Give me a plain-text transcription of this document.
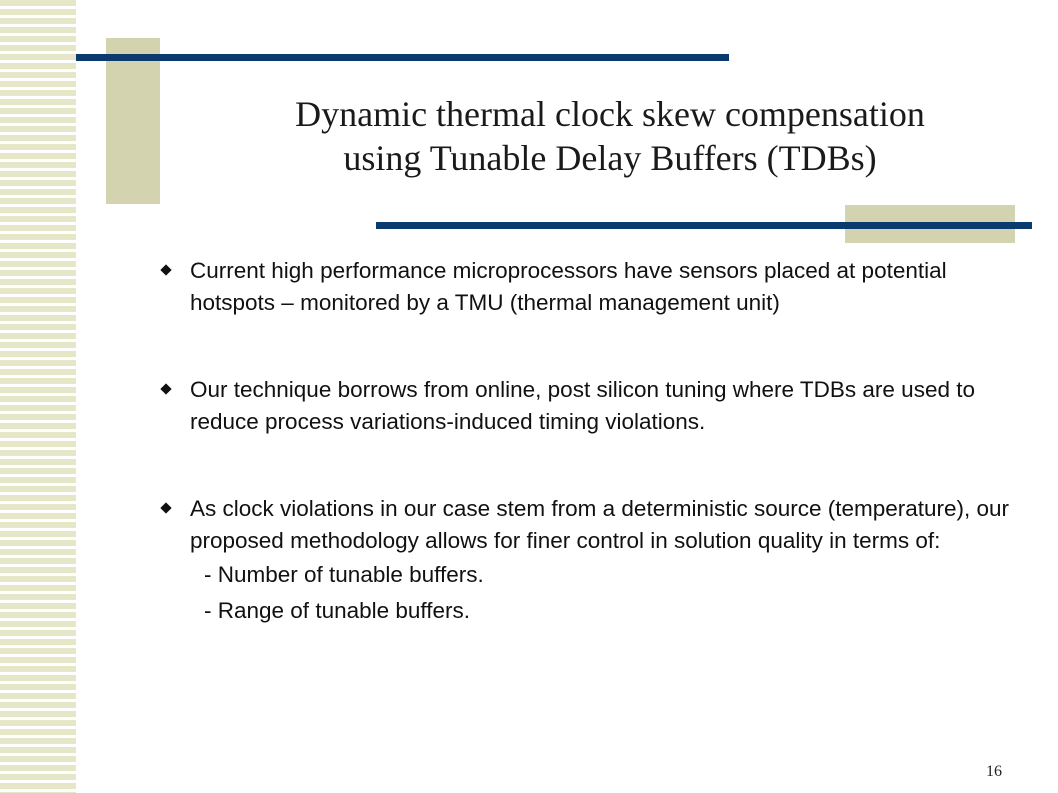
Dynamic thermal clock skew compensation
using Tunable Delay Buffers (TDBs)
Current high performance microprocessors have sensors placed at potential hotspots – monitored by a TMU (thermal management unit)
Our technique borrows from online, post silicon tuning where TDBs are used to reduce process variations-induced timing violations.
As clock violations in our case stem from a deterministic source (temperature), our proposed methodology allows for finer control in solution quality in terms of:
- Number of tunable buffers.
- Range of tunable buffers.
16
